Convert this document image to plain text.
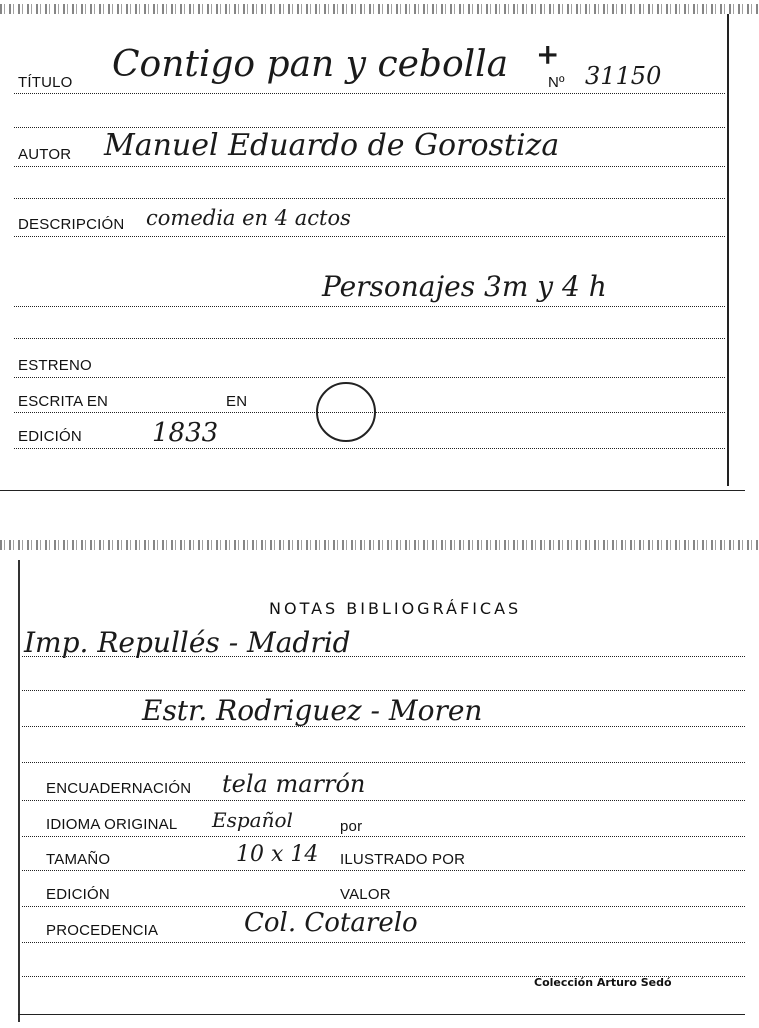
TÍTULO Contigo pan y cebolla	Nº 31150
+
AUTOR Manuel Eduardo de Gorostiza
DESCRIPCIÓN comedia en 4 actos
Personajes 3m y 4 h
ESTRENO
ESCRITA EN	EN
EDICIÓN	1833
NOTAS BIBLIOGRÁFICAS
Imp. Repullés - Madrid
Estr. Rodriguez - Moren
ENCUADERNACIÓN tela marrón
IDIOMA ORIGINAL Español	por
TAMAÑO	10 x 14 ILUSTRADO POR
EDICIÓN	VALOR
PROCEDENCIA	Col. Cotarelo
Colección Arturo Sedó
